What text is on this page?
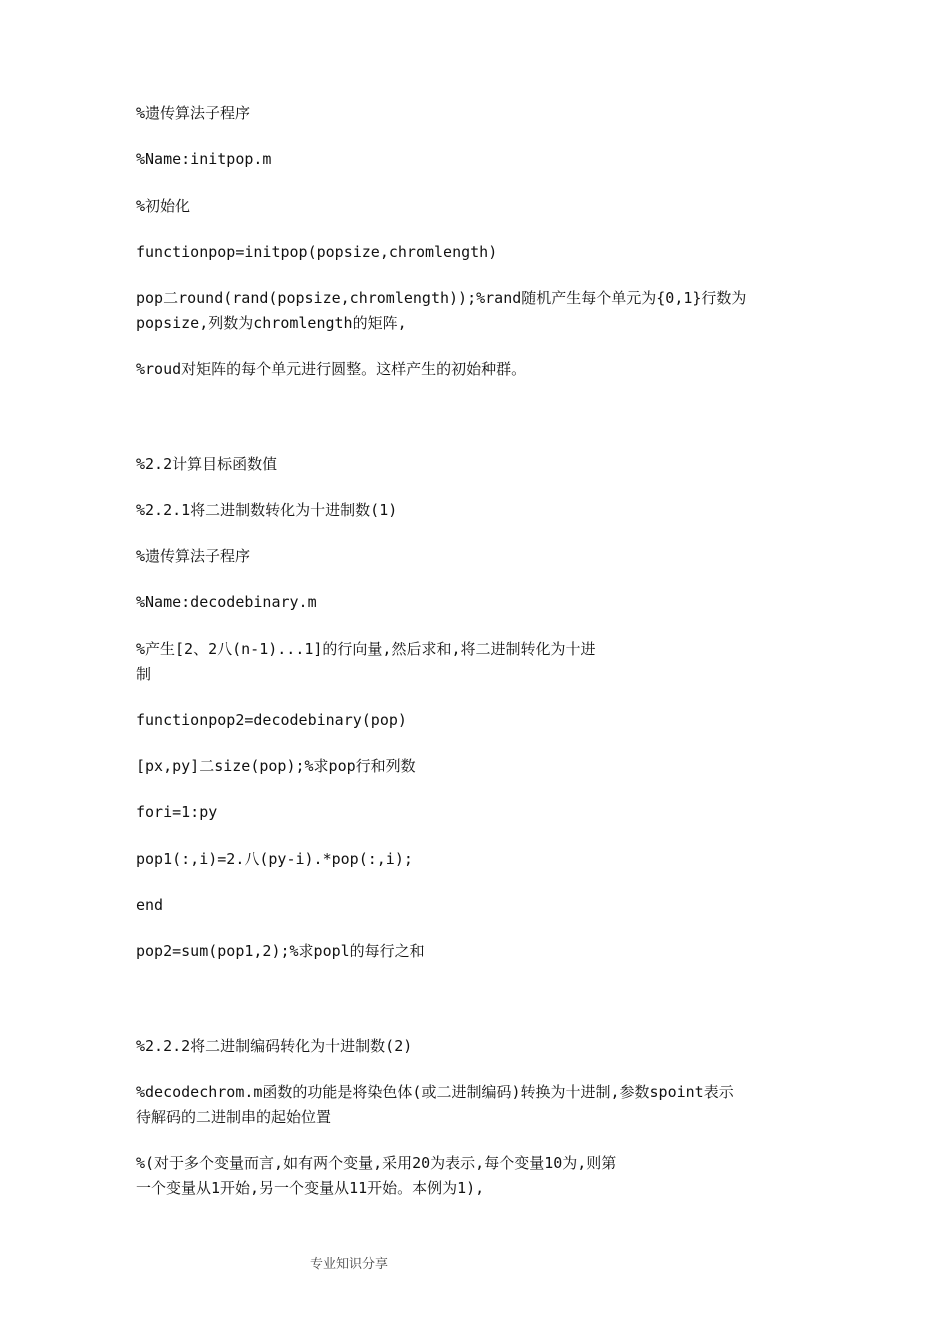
%遗传算法子程序

%Name:initpop.m

%初始化

functionpop=initpop(popsize,chromlength)

pop二round(rand(popsize,chromlength));%rand随机产生每个单元为{0,1}行数为

popsize,列数为chromlength的矩阵,

%roud对矩阵的每个单元进行圆整。这样产生的初始种群。

%2.2计算目标函数值

%2.2.1将二进制数转化为十进制数(1)

%遗传算法子程序

%Name:decodebinary.m

%产生[2、2八(n-1)...1]的行向量,然后求和,将二进制转化为十进

制

functionpop2=decodebinary(pop)

[px,py]二size(pop);%求pop行和列数

fori=1:py

pop1(:,i)=2.八(py-i).*pop(:,i);

end

pop2=sum(pop1,2);%求popl的每行之和

%2.2.2将二进制编码转化为十进制数(2)

%decodechrom.m函数的功能是将染色体(或二进制编码)转换为十进制,参数spoint表示

待解码的二进制串的起始位置

%(对于多个变量而言,如有两个变量,采用20为表示,每个变量10为,则第

一个变量从1开始,另一个变量从11开始。本例为1),

专业知识分享
